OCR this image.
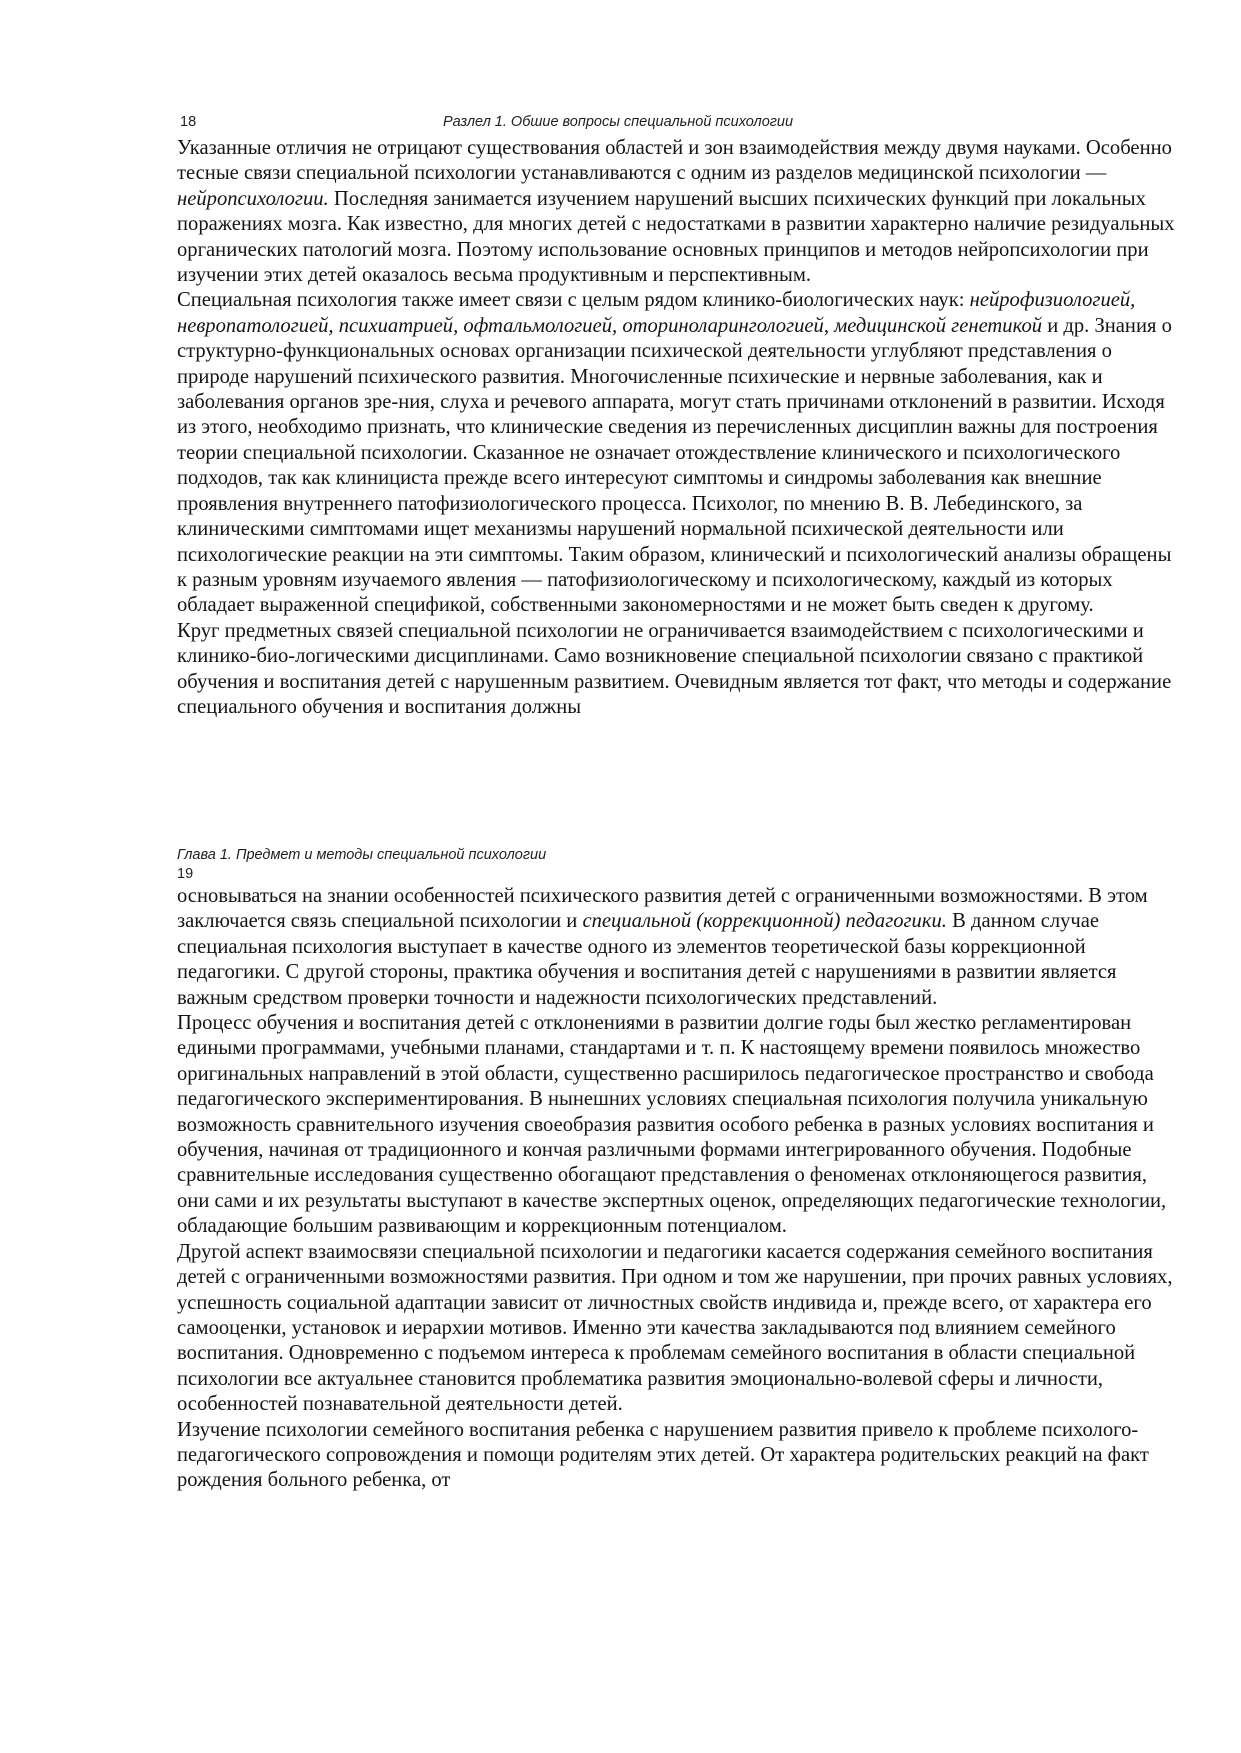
18	Разлел 1. Обшие вопросы специальной психологии

Указанные отличия не отрицают существования областей и зон взаимодействия между двумя науками. Особенно тесные связи специальной психологии устанавливаются с одним из разделов медицинской психологии — нейропсихологии. Последняя занимается изучением нарушений высших психических функций при локальных поражениях мозга. Как известно, для многих детей с недостатками в развитии характерно наличие резидуальных органических патологий мозга. Поэтому использование основных принципов и методов нейропсихологии при изучении этих детей оказалось весьма продуктивным и перспективным.

Специальная психология также имеет связи с целым рядом клинико-биологических наук: нейрофизиологией, невропатологией, психиатрией, офтальмологией, оториноларингологией, медицинской генетикой и др. Знания о структурно-функциональных основах организации психической деятельности углубляют представления о природе нарушений психического развития. Многочисленные психические и нервные заболевания, как и заболевания органов зре-ния, слуха и речевого аппарата, могут стать причинами отклонений в развитии. Исходя из этого, необходимо признать, что клинические сведения из перечисленных дисциплин важны для построения теории специальной психологии. Сказанное не означает отождествление клинического и психологического подходов, так как клинициста прежде всего интересуют симптомы и синдромы заболевания как внешние проявления внутреннего патофизиологического процесса. Психолог, по мнению В. В. Лебединского, за клиническими симптомами ищет механизмы нарушений нормальной психической деятельности или психологические реакции на эти симптомы. Таким образом, клинический и психологический анализы обращены к разным уровням изучаемого явления — патофизиологическому и психологическому, каждый из которых обладает выраженной спецификой, собственными закономерностями и не может быть сведен к другому.

Круг предметных связей специальной психологии не ограничивается взаимодействием с психологическими и клинико-био-логическими дисциплинами. Само возникновение специальной психологии связано с практикой обучения и воспитания детей с нарушенным развитием. Очевидным является тот факт, что методы и содержание специального обучения и воспитания должны

Глава 1. Предмет и методы специальной психологии
19

основываться на знании особенностей психического развития детей с ограниченными возможностями. В этом заключается связь специальной психологии и специальной (коррекционной) педагогики. В данном случае специальная психология выступает в качестве одного из элементов теоретической базы коррекционной педагогики. С другой стороны, практика обучения и воспитания детей с нарушениями в развитии является важным средством проверки точности и надежности психологических представлений.

Процесс обучения и воспитания детей с отклонениями в развитии долгие годы был жестко регламентирован едиными программами, учебными планами, стандартами и т. п. К настоящему времени появилось множество оригинальных направлений в этой области, существенно расширилось педагогическое пространство и свобода педагогического экспериментирования. В нынешних условиях специальная психология получила уникальную возможность сравнительного изучения своеобразия развития особого ребенка в разных условиях воспитания и обучения, начиная от традиционного и кончая различными формами интегрированного обучения. Подобные сравнительные исследования существенно обогащают представления о феноменах отклоняющегося развития, они сами и их результаты выступают в качестве экспертных оценок, определяющих педагогические технологии, обладающие большим развивающим и коррекционным потенциалом.

Другой аспект взаимосвязи специальной психологии и педагогики касается содержания семейного воспитания детей с ограниченными возможностями развития. При одном и том же нарушении, при прочих равных условиях, успешность социальной адаптации зависит от личностных свойств индивида и, прежде всего, от характера его самооценки, установок и иерархии мотивов. Именно эти качества закладываются под влиянием семейного воспитания. Одновременно с подъемом интереса к проблемам семейного воспитания в области специальной психологии все актуальнее становится проблематика развития эмоционально-волевой сферы и личности, особенностей познавательной деятельности детей.

Изучение психологии семейного воспитания ребенка с нарушением развития привело к проблеме психолого-педагогического сопровождения и помощи родителям этих детей. От характера родительских реакций на факт рождения больного ребенка, от
